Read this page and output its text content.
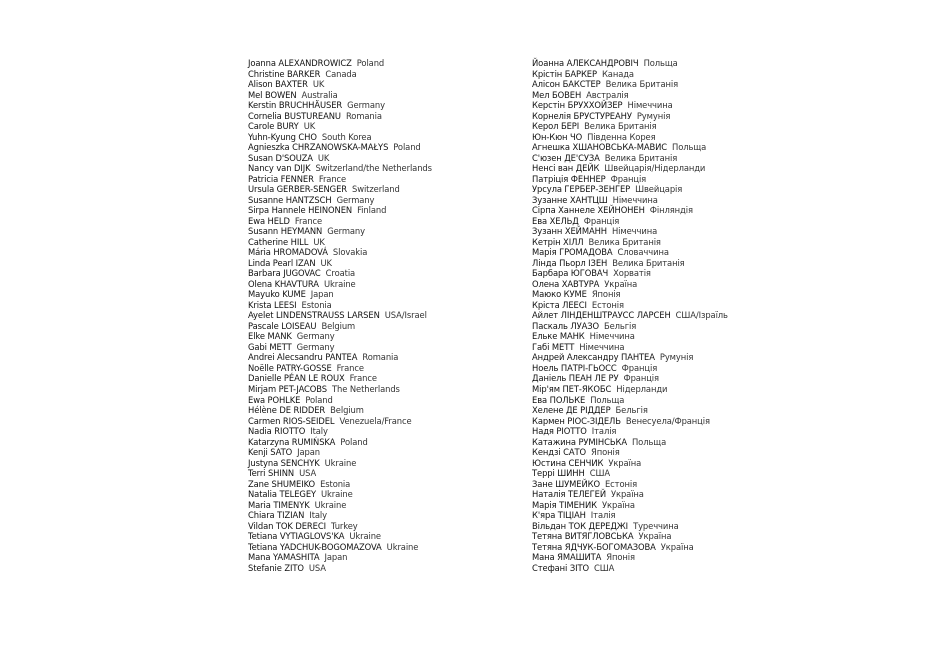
Joanna ALEXANDROWICZ Poland
Christine BARKER Canada
Alison BAXTER UK
Mel BOWEN Australia
Kerstin BRUCHHÄUSER Germany
Cornelia BUSTUREANU Romania
Carole BURY UK
Yuhn-Kyung CHO South Korea
Agnieszka CHRZANOWSKA-MAŁYS Poland
Susan D'SOUZA UK
Nancy van DIJK Switzerland/the Netherlands
Patricia FENNER France
Ursula GERBER-SENGER Switzerland
Susanne HANTZSCH Germany
Sirpa Hannele HEINONEN Finland
Ewa HELD France
Susann HEYMANN Germany
Catherine HILL UK
Mária HROMADOVÁ Slovakia
Linda Pearl IZAN UK
Barbara JUGOVAC Croatia
Olena KHAVTURA Ukraine
Mayuko KUME Japan
Krista LEESI Estonia
Ayelet LINDENSTRAUSS LARSEN USA/Israel
Pascale LOISEAU Belgium
Elke MANK Germany
Gabi METT Germany
Andrei Alecsandru PANTEA Romania
Noëlle PATRY-GOSSE France
Danielle PÉAN LE ROUX France
Mirjam PET-JACOBS The Netherlands
Ewa POHLKE Poland
Hélène DE RIDDER Belgium
Carmen RIOS-SEIDEL Venezuela/France
Nadia RIOTTO Italy
Katarzyna RUMIŃSKA Poland
Kenji SATO Japan
Justyna SENCHYK Ukraine
Terri SHINN USA
Zane SHUMEIKO Estonia
Natalia TELEGEY Ukraine
Maria TIMENYK Ukraine
Chiara TIZIAN Italy
Vildan TOK DERECI Turkey
Tetiana VYTIAGLOVS'KA Ukraine
Tetiana YADCHUK-BOGOMAZOVA Ukraine
Mana YAMASHITA Japan
Stefanie ZITO USA
Йоанна АЛЕКСАНДРОВІЧ Польща
Крістін БАРКЕР Канада
Алісон БАКСТЕР Велика Британія
Мел БОВЕН Австралія
Керстін БРУХХОЙЗЕР Німеччина
Корнелія БРУСТУРЕАНУ Румунія
Керол БЕРІ Велика Британія
Юн-Кюн ЧО Південна Корея
Агнешка ХШАНОВСЬКА-МАВИС Польща
С'юзен ДЕ'СУЗА Велика Британія
Ненсі ван ДЕЙК Швейцарія/Нідерланди
Патріція ФЕННЕР Франція
Урсула ГЕРБЕР-ЗЕНГЕР Швейцарія
Зузанне ХАНТЦШ Німеччина
Сірпа Ханнеле ХЕЙНОНЕН Фінляндія
Ева ХЕЛЬД Франція
Зузанн ХЕЙМАНН Німеччина
Кетрін ХІЛЛ Велика Британія
Марія ГРОМАДОВА Словаччина
Лінда Пьорл ІЗЕН Велика Британія
Барбара ЮГОВАЧ Хорватія
Олена ХАВТУРА Україна
Маюко КУМЕ Японія
Кріста ЛЕЕСІ Естонія
Айлет ЛІНДЕНШТРАУСС ЛАРСЕН США/Ізраїль
Паскаль ЛУАЗО Бельгія
Ельке МАНК Німеччина
Габі МЕТТ Німеччина
Андрей Александру ПАНТЕА Румунія
Ноель ПАТРІ-ГЬОСС Франція
Даніель ПЕАН ЛЕ РУ Франція
Мір'ям ПЕТ-ЯКОБС Нідерланди
Ева ПОЛЬКЕ Польща
Хелене ДЕ РІДДЕР Бельгія
Кармен РІОС-ЗІДЕЛЬ Венесуела/Франція
Надя РІОТТО Італія
Катажина РУМІНСЬКА Польща
Кендзі САТО Японія
Юстина СЕНЧИК Україна
Террі ШИНН США
Зане ШУМЕЙКО Естонія
Наталія ТЕЛЕГЕЙ Україна
Марія ТІМЕНИК Україна
К'яра ТІЦІАН Італія
Вільдан ТОК ДЕРЕДЖІ Туреччина
Тетяна ВИТЯГЛОВСЬКА Україна
Тетяна ЯДЧУК-БОГОМАЗОВА Україна
Мана ЯМАШИТА Японія
Стефані ЗІТО США
